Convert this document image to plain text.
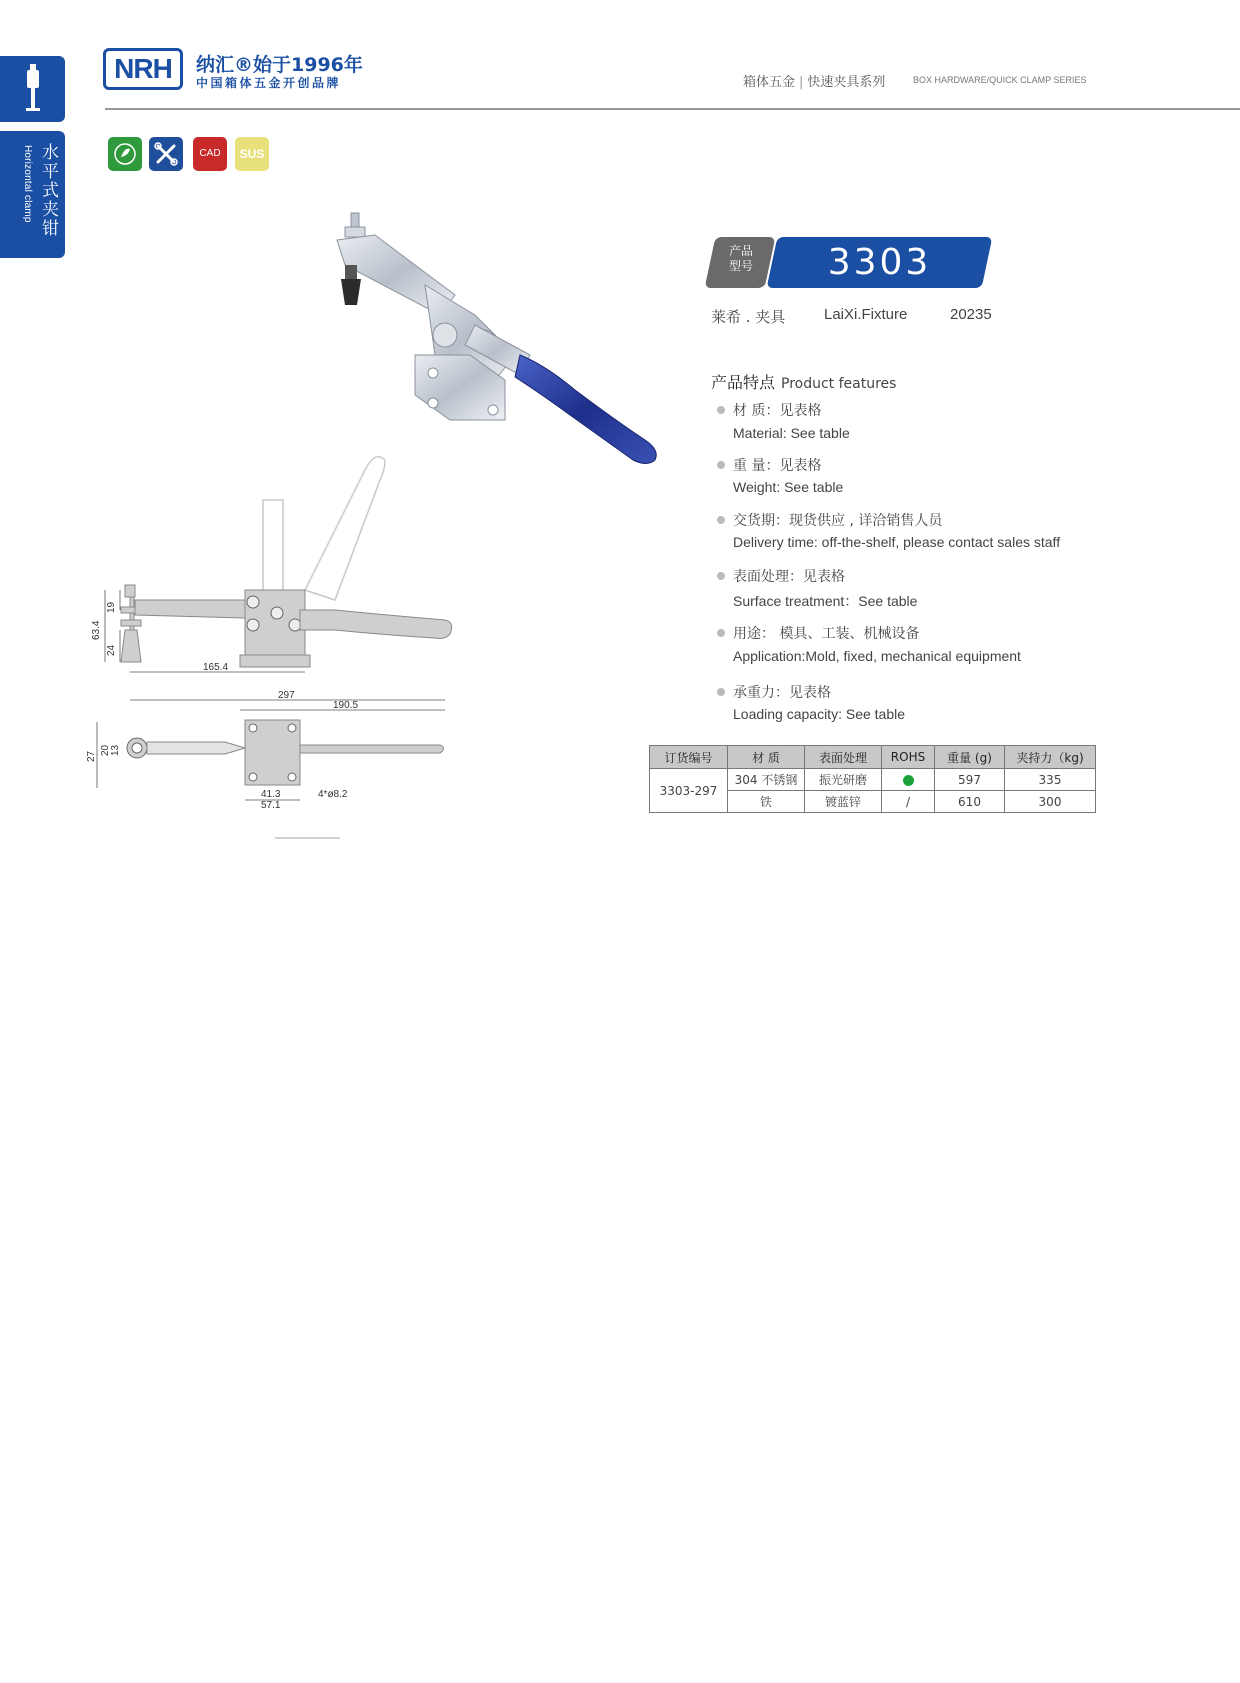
Horizontal clamp 水平式夹钳
NRH	纳汇®始于1996年
中国箱体五金开创品牌	箱体五金 | 快速夹具系列	BOX HARDWARE/QUICK CLAMP SERIES
CAD	SUS
19
63.4
24
165.4
297
190.5
27
20 13
41.3
57.1
4*ø8.2
产品
型号	3303
莱希 . 夹具	LaiXi.Fixture	20235
产品特点 Product features
材 质：见表格
Material: See table
重 量：见表格
Weight: See table
交货期：现货供应 , 详洽销售人员
Delivery time: off-the-shelf, please contact sales staff
表面处理：见表格
Surface treatment：See table
用途： 模具、工装、机械设备
Application:Mold, fixed, mechanical equipment
承重力：见表格
Loading capacity: See table
订货编号	材 质	表面处理	ROHS	重量 (g)	夹持力（kg)
3303-297	304 不锈钢	振光研磨		597	335
	铁	镀蓝锌	/	610	300
